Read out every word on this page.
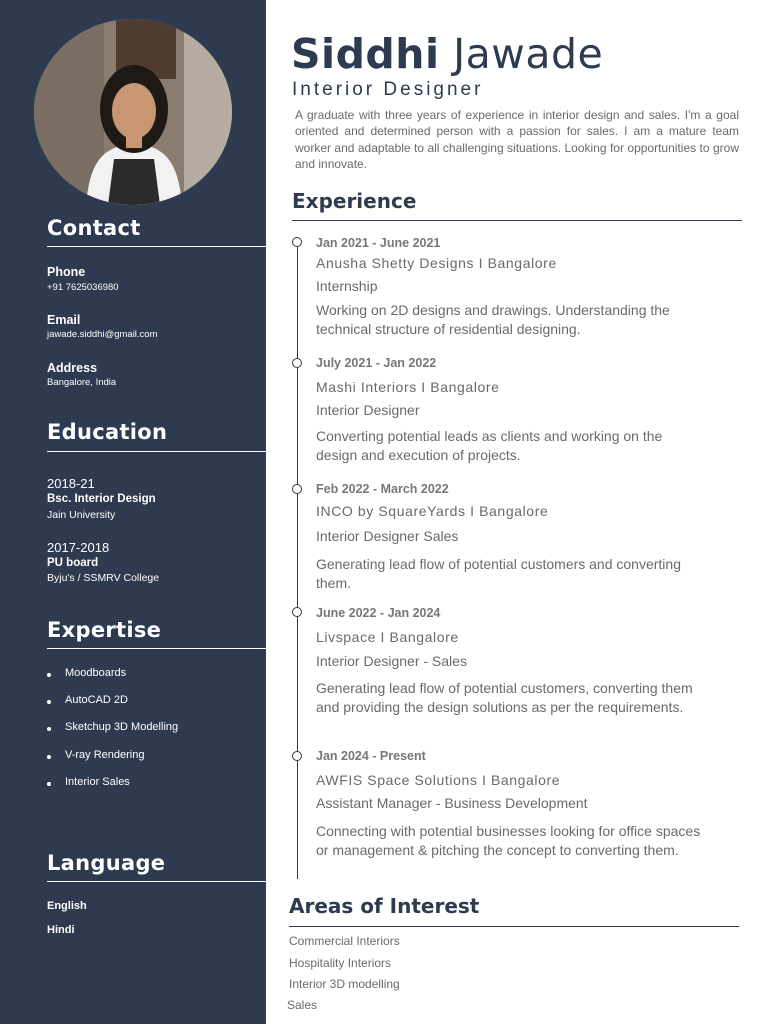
Contact
Phone
+91 7625036980
Email
jawade.siddhi@gmail.com
Address
Bangalore, India
Education
2018-21
Bsc. Interior Design
Jain University
2017-2018
PU board
Byju's / SSMRV College
Expertise
Moodboards
AutoCAD 2D
Sketchup 3D Modelling
V-ray Rendering
Interior Sales
Language
English
Hindi
Siddhi Jawade
Interior Designer
A graduate with three years of experience in interior design and sales. I'm a goal oriented and determined person with a passion for sales. I am a mature team worker and adaptable to all challenging situations. Looking for opportunities to grow and innovate.
Experience
Jan 2021 - June 2021
Anusha Shetty Designs I Bangalore
Internship
Working on 2D designs and drawings. Understanding the technical structure of residential designing.
July 2021 - Jan 2022
Mashi Interiors I Bangalore
Interior Designer
Converting potential leads as clients and working on the design and execution of projects.
Feb 2022 - March 2022
INCO by SquareYards I Bangalore
Interior Designer Sales
Generating lead flow of potential customers and converting them.
June 2022 - Jan 2024
Livspace I Bangalore
Interior Designer - Sales
Generating lead flow of potential customers, converting them and providing the design solutions as per the requirements.
Jan 2024 - Present
AWFIS Space Solutions I Bangalore
Assistant Manager - Business Development
Connecting with potential businesses looking for office spaces or management & pitching the concept to converting them.
Areas of Interest
Commercial Interiors
Hospitality Interiors
Interior 3D modelling
Sales
